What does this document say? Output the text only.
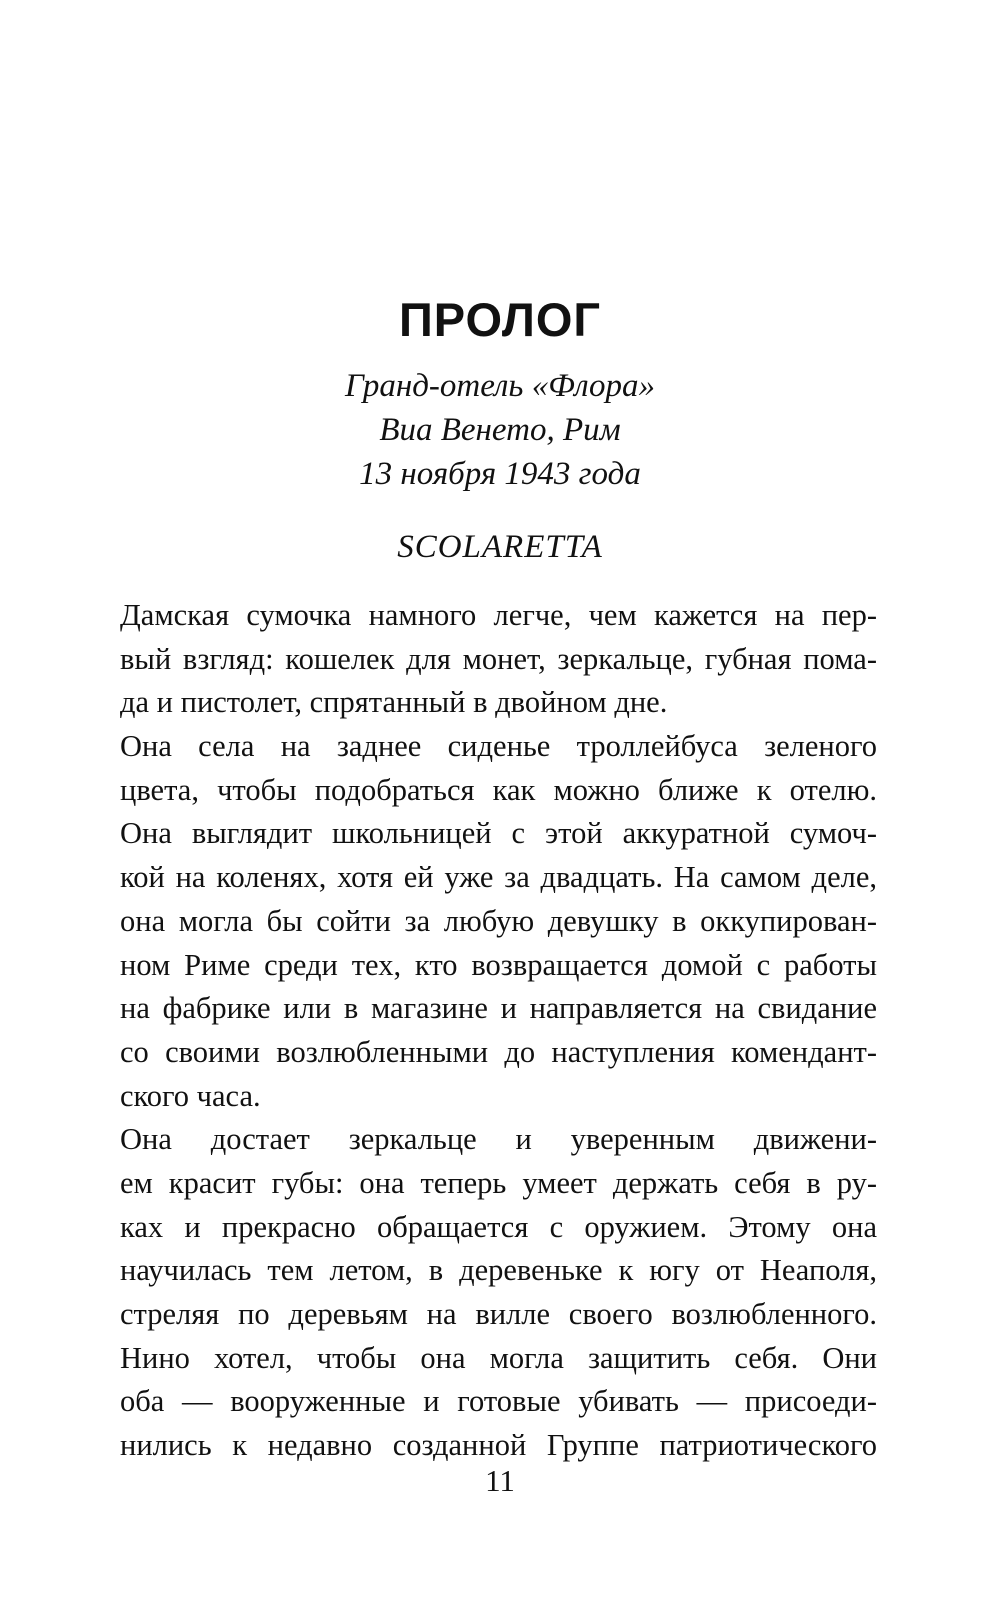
ПРОЛОГ
Гранд-отель «Флора»
Виа Венето, Рим
13 ноября 1943 года
SCOLARETTA
Дамская сумочка намного легче, чем кажется на пер-
вый взгляд: кошелек для монет, зеркальце, губная пома-
да и пистолет, спрятанный в двойном дне.
Она села на заднее сиденье троллейбуса зеленого
цвета, чтобы подобраться как можно ближе к отелю.
Она выглядит школьницей с этой аккуратной сумоч-
кой на коленях, хотя ей уже за двадцать. На самом деле,
она могла бы сойти за любую девушку в оккупирован-
ном Риме среди тех, кто возвращается домой с работы
на фабрике или в магазине и направляется на свидание
со своими возлюбленными до наступления комендант-
ского часа.
Она достает зеркальце и уверенным движени-
ем красит губы: она теперь умеет держать себя в ру-
ках и прекрасно обращается с оружием. Этому она
научилась тем летом, в деревеньке к югу от Неаполя,
стреляя по деревьям на вилле своего возлюбленного.
Нино хотел, чтобы она могла защитить себя. Они
оба — вооруженные и готовые убивать — присоеди-
нились к недавно созданной Группе патриотического
11
